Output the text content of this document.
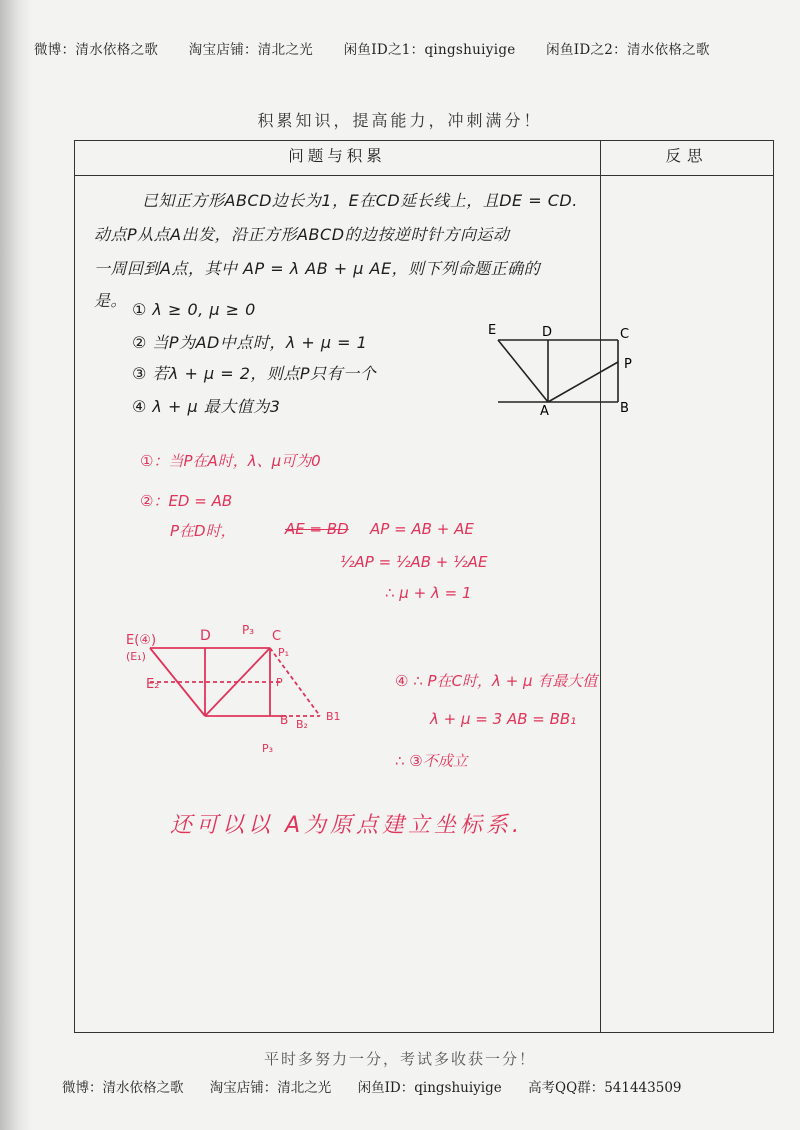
微博：清水依格之歌 淘宝店铺：清北之光 闲鱼ID之1：qingshuiyige 闲鱼ID之2：清水依格之歌
积累知识，提高能力，冲刺满分！
问题与积累	反思
已知正方形ABCD边长为1，E在CD延长线上，且DE = CD.
动点P从点A出发，沿正方形ABCD的边按逆时针方向运动
一周回到A点，其中 AP = λ AB + μ AE，则下列命题正确的
是。 ① λ ≥ 0, μ ≥ 0
② 当P为AD中点时，λ + μ = 1
③ 若λ + μ = 2，则点P只有一个
④ λ + μ 最大值为3
E	D	C
P
A	B
①：当P在A时，λ、μ可为0
②：ED = AB
P在D时，	AE = BD AP = AB + AE
½AP = ½AB + ½AE
∴ μ + λ = 1
E(④)
(E₁)
E₂
D	P₃ C
P₁
P
B B₂
B1
P₃
④ ∴ P在C时，λ + μ 有最大值
λ + μ = 3 AB = BB₁
∴ ③不成立
还可以以 A为原点建立坐标系.
平时多努力一分，考试多收获一分！
微博：清水依格之歌 淘宝店铺：清北之光 闲鱼ID：qingshuiyige 高考QQ群：541443509
